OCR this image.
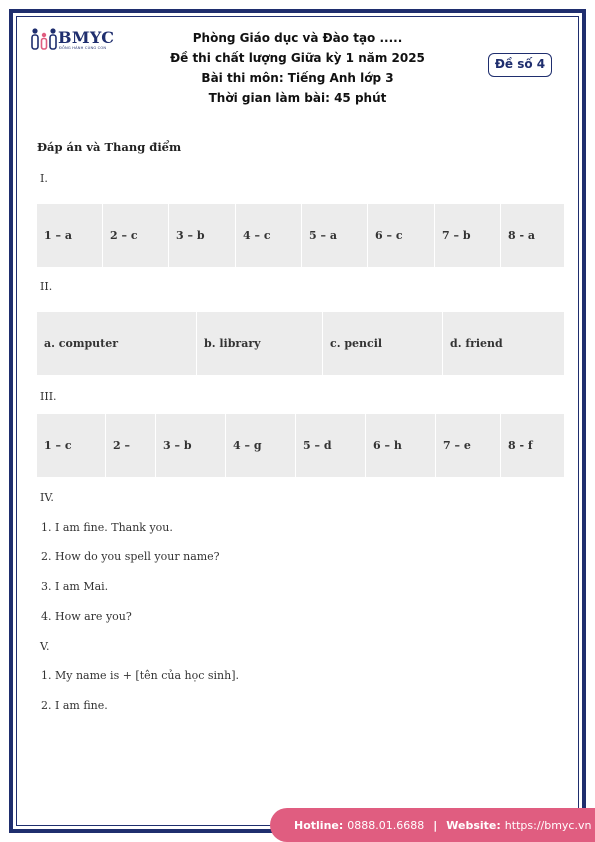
BMYC
ĐỒNG HÀNH CÙNG CON
Phòng Giáo dục và Đào tạo .....
Đề thi chất lượng Giữa kỳ 1 năm 2025
Bài thi môn: Tiếng Anh lớp 3
Thời gian làm bài: 45 phút
Đề số 4
Đáp án và Thang điểm
I.
1 – a	2 – c	3 – b	4 – c	5 – a	6 – c	7 – b	8 - a
II.
a. computer	b. library	c. pencil	d. friend
III.
1 – c	2 –	3 – b	4 – g	5 – d	6 – h	7 – e	8 - f
IV.
1. I am fine. Thank you.
2. How do you spell your name?
3. I am Mai.
4. How are you?
V.
1. My name is + [tên của học sinh].
2. I am fine.
Hotline: 0888.01.6688 | Website: https://bmyc.vn
